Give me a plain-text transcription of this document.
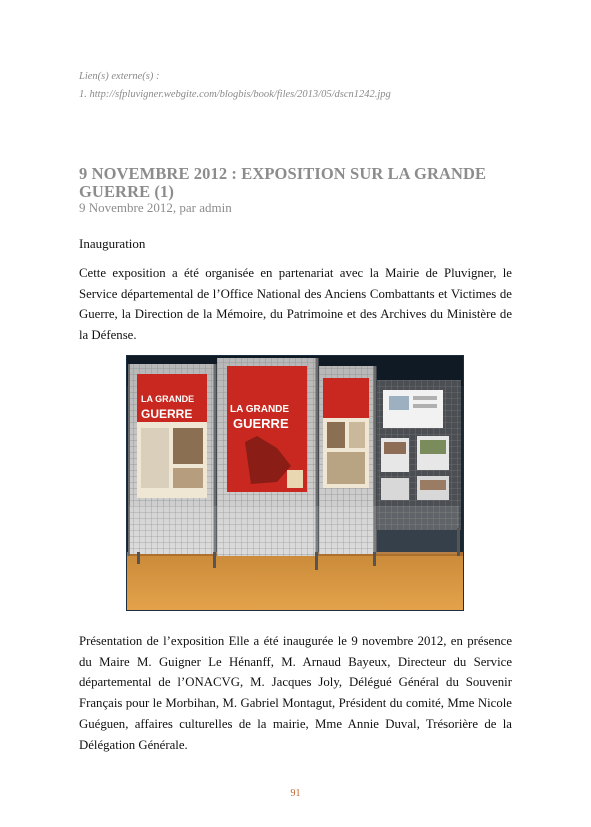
Lien(s) externe(s) :
1. http://sfpluvigner.webgite.com/blogbis/book/files/2013/05/dscn1242.jpg
9 NOVEMBRE 2012 : EXPOSITION SUR LA GRANDE GUERRE (1)
9 Novembre 2012, par admin
Inauguration
Cette exposition a été organisée en partenariat avec la Mairie de Pluvigner, le Service départemental de l’Office National des Anciens Combattants et Victimes de Guerre, la Direction de la Mémoire, du Patrimoine et des Archives du Ministère de la Défense.
LA GRANDE
GUERRE	LA GRANDE
GUERRE
Présentation de l’exposition Elle a été inaugurée le 9 novembre 2012, en présence du Maire M. Guigner Le Hénanff, M. Arnaud Bayeux, Directeur du Service départemental de l’ONACVG, M. Jacques Joly, Délégué Général du Souvenir Français pour le Morbihan, M. Gabriel Montagut, Président du comité, Mme Nicole Guéguen, affaires culturelles de la mairie, Mme Annie Duval, Trésorière de la Délégation Générale.
91
